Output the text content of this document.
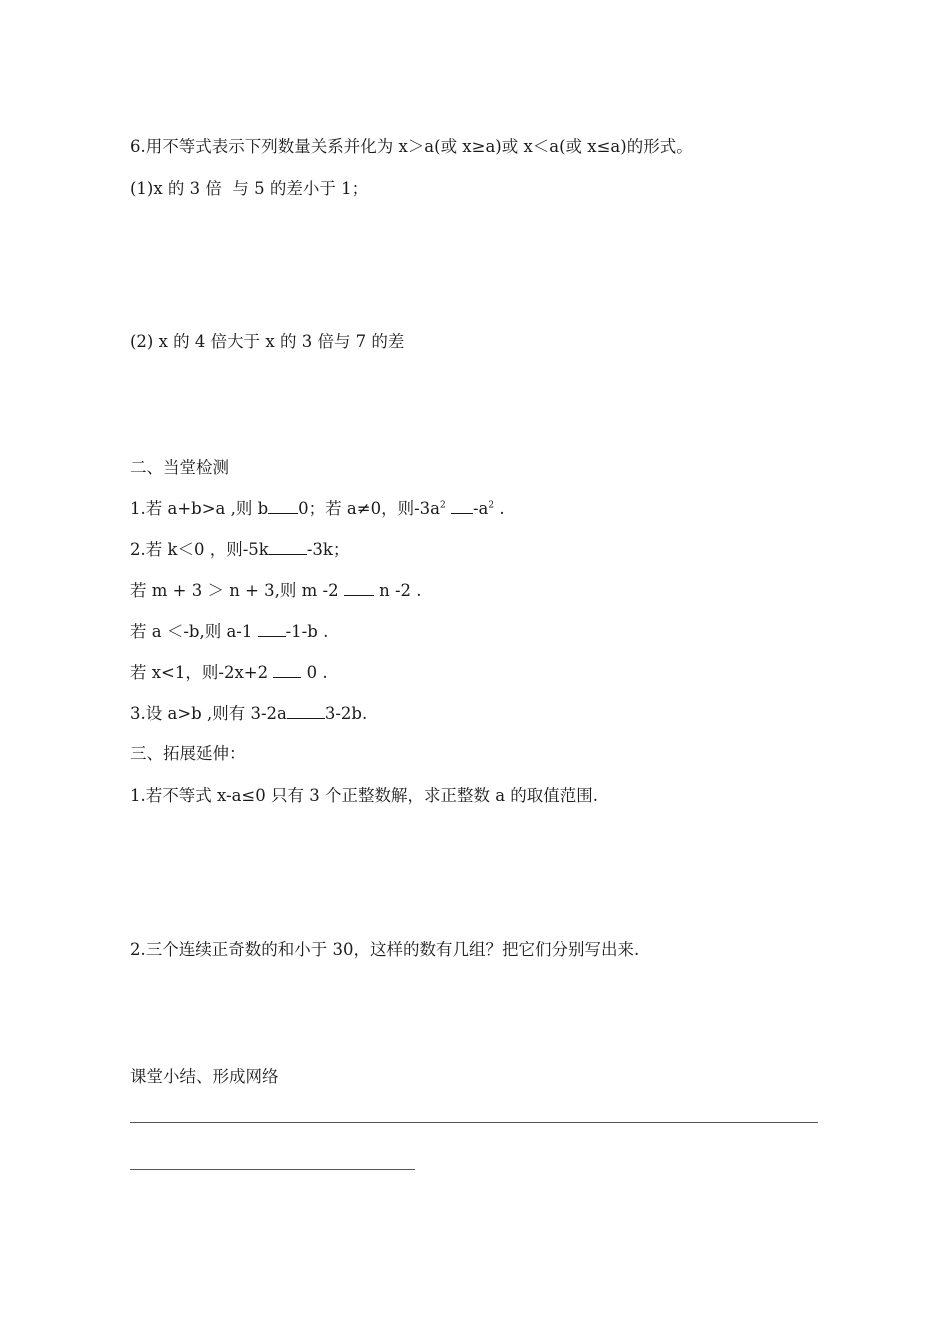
6.用不等式表示下列数量关系并化为 x＞a(或 x≥a)或 x＜a(或 x≤a)的形式。
(1)x 的 3 倍  与 5 的差小于 1；
(2) x 的 4 倍大于 x 的 3 倍与 7 的差
二、当堂检测
1.若 a+b>a ,则 b 0；若 a≠0，则$-3a^2$ $-a^2$ .
2.若 k＜0 ，则-5k -3k；
若 m + 3 ＞ n + 3,则 m -2  n -2 .
若 a ＜-b,则 a-1 -1-b .
若 x<1，则-2x+2  0 .
3.设 a>b ,则有 3-2a 3-2b.
三、拓展延伸：
1.若不等式 x-a≤0 只有 3 个正整数解，求正整数 a 的取值范围.
2.三个连续正奇数的和小于 30，这样的数有几组？把它们分别写出来.
课堂小结、形成网络
